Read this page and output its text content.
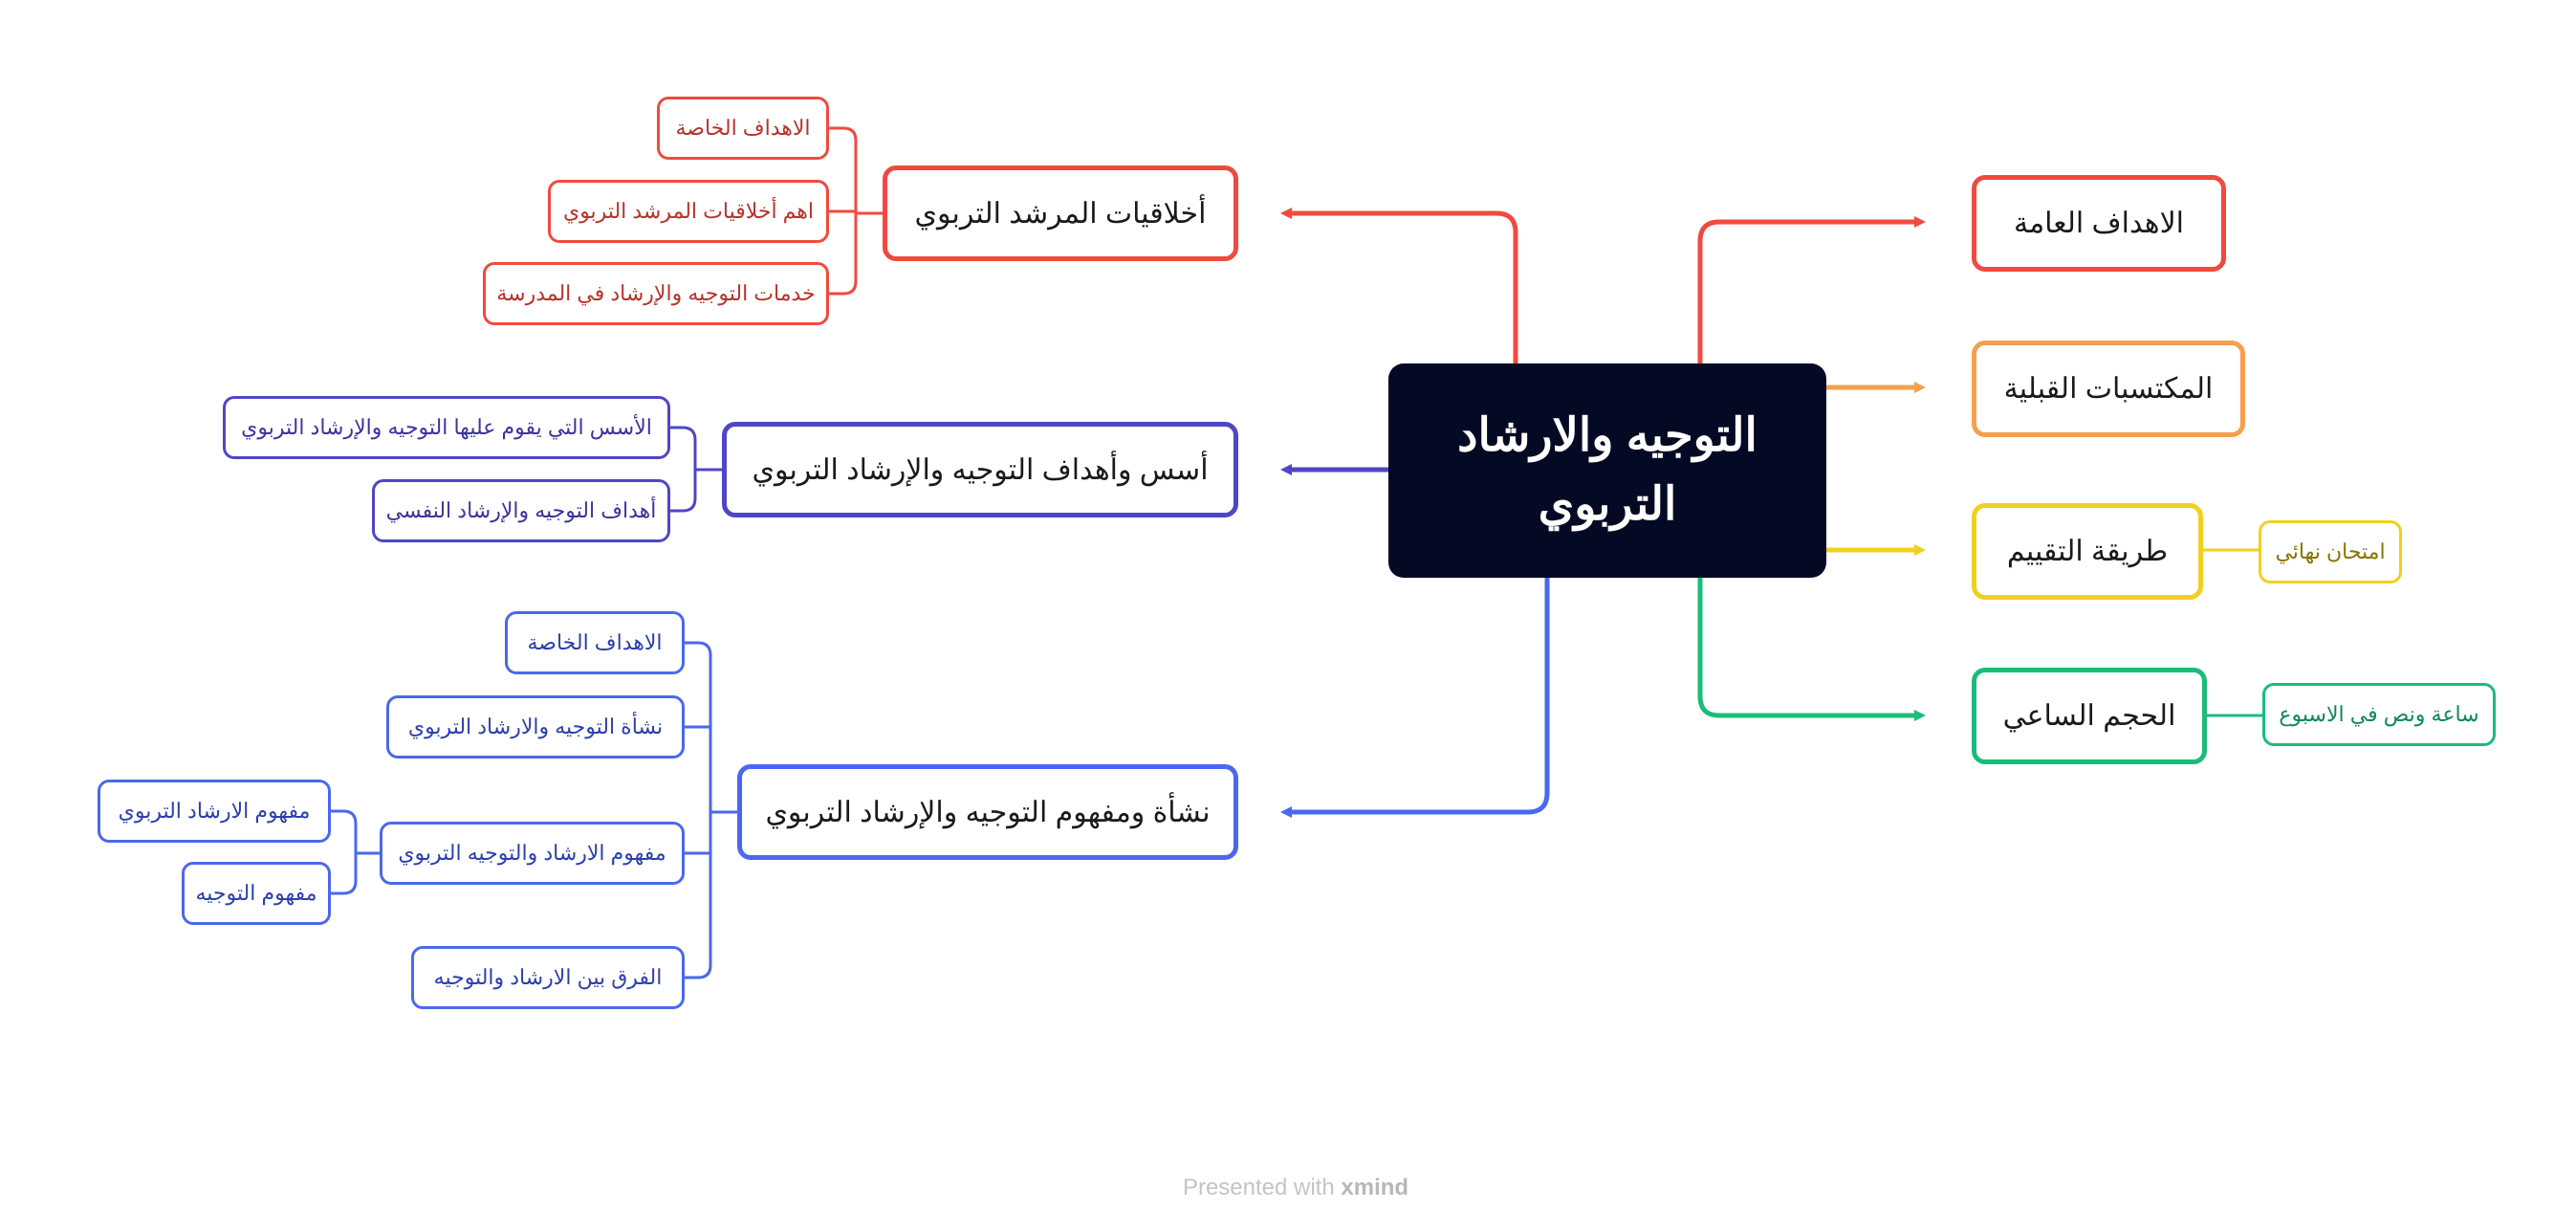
التوجيه والارشاد
التربوي
الاهداف العامة
المكتسبات القبلية
طريقة التقييم	امتحان نهائي
الحجم الساعي	ساعة ونص في الاسبوع
أخلاقيات المرشد التربوي
الاهداف الخاصة
اهم أخلاقيات المرشد التربوي
خدمات التوجيه والإرشاد في المدرسة
أسس وأهداف التوجيه والإرشاد التربوي
الأسس التي يقوم عليها التوجيه والإرشاد التربوي
أهداف التوجيه والإرشاد النفسي
نشأة ومفهوم التوجيه والإرشاد التربوي
الاهداف الخاصة
نشأة التوجيه والارشاد التربوي
مفهوم الارشاد والتوجيه التربوي
الفرق بين الارشاد والتوجيه
مفهوم الارشاد التربوي
مفهوم التوجيه
Presented with xmind
